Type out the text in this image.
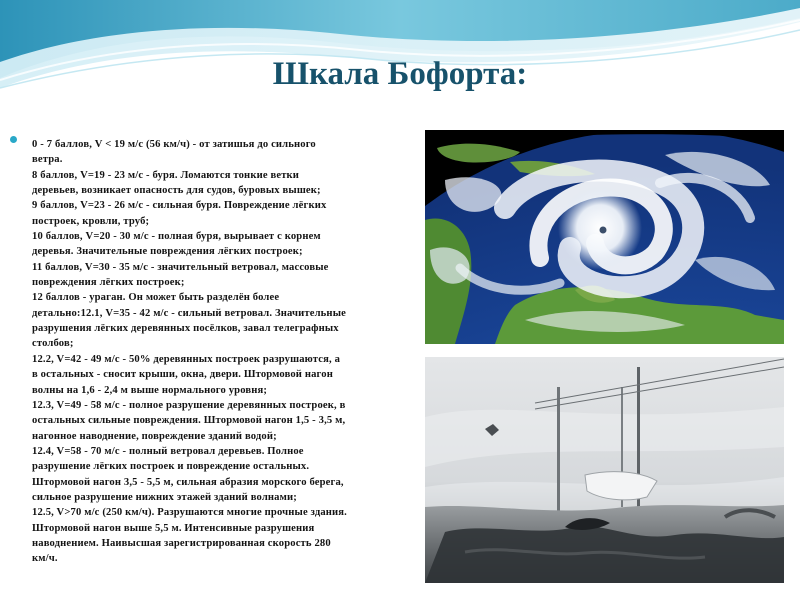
Шкала Бофорта:
0 - 7 баллов, V < 19 м/с (56 км/ч) - от затишья до сильного
ветра.
8 баллов, V=19 - 23 м/с - буря. Ломаются тонкие ветки
деревьев, возникает опасность для судов, буровых вышек;
9 баллов, V=23 - 26 м/с - сильная буря. Повреждение лёгких
построек, кровли, труб;
10 баллов, V=20 - 30 м/с - полная буря, вырывает с корнем
деревья. Значительные повреждения лёгких построек;
11 баллов, V=30 - 35 м/с - значительный ветровал, массовые
повреждения лёгких построек;
12 баллов - ураган. Он может быть разделён более
детально:12.1, V=35 - 42 м/с - сильный ветровал. Значительные
разрушения лёгких деревянных посёлков, завал телеграфных
столбов;
12.2, V=42 - 49 м/с - 50% деревянных построек разрушаются, а
в остальных - сносит крыши, окна, двери. Штормовой нагон
волны на 1,6 - 2,4 м выше нормального уровня;
12.3, V=49 - 58 м/с - полное разрушение деревянных построек, в
остальных сильные повреждения. Штормовой нагон 1,5 - 3,5 м,
нагонное наводнение, повреждение зданий водой;
12.4, V=58 - 70 м/с - полный ветровал деревьев. Полное
разрушение лёгких построек и повреждение остальных.
Штормовой нагон 3,5 - 5,5 м, сильная абразия морского берега,
сильное разрушение нижних этажей зданий волнами;
12.5, V>70 м/с (250 км/ч). Разрушаются многие прочные здания.
Штормовой нагон выше 5,5 м. Интенсивные разрушения
наводнением. Наивысшая зарегистрированная скорость 280
км/ч.
